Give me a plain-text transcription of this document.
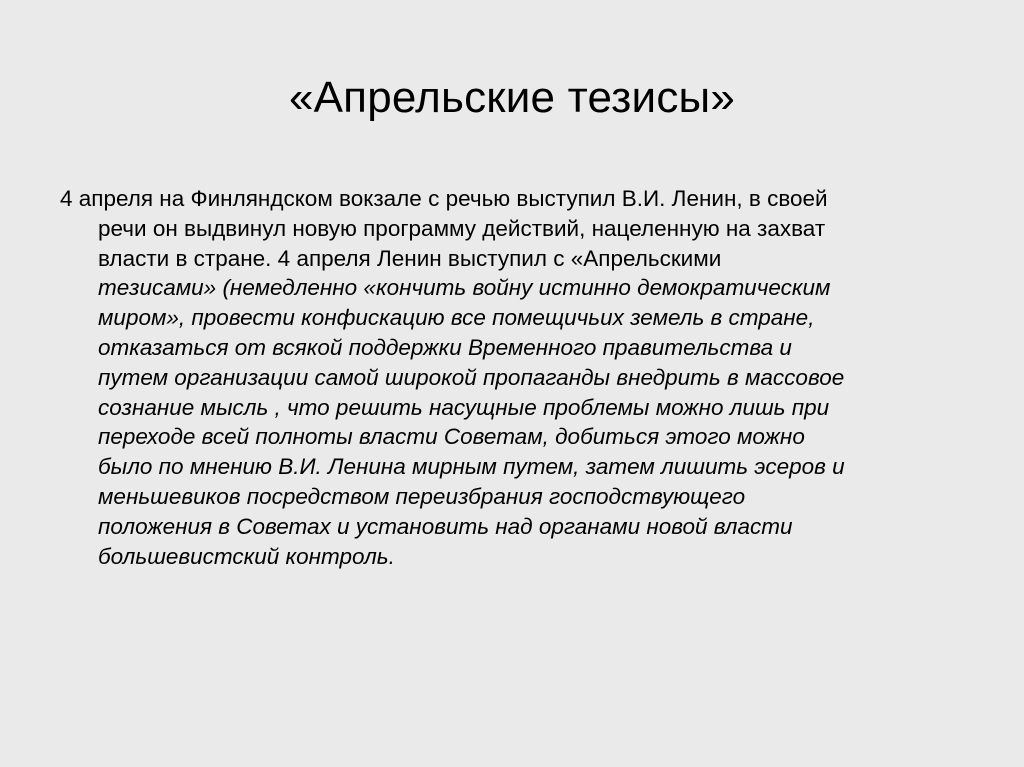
«Апрельские тезисы»
4 апреля на Финляндском вокзале с речью выступил В.И. Ленин, в своей
речи он выдвинул новую программу действий, нацеленную на захват
власти в стране. 4 апреля Ленин выступил с «Апрельскими
тезисами» (немедленно «кончить войну истинно демократическим
миром», провести конфискацию все помещичьих земель в стране,
отказаться от всякой поддержки Временного правительства и
путем организации самой широкой пропаганды внедрить в массовое
сознание мысль , что решить насущные проблемы можно лишь при
переходе всей полноты власти Советам, добиться этого можно
было по мнению В.И. Ленина мирным путем, затем лишить эсеров и
меньшевиков посредством переизбрания господствующего
положения в Советах и установить над органами новой власти
большевистский контроль.
